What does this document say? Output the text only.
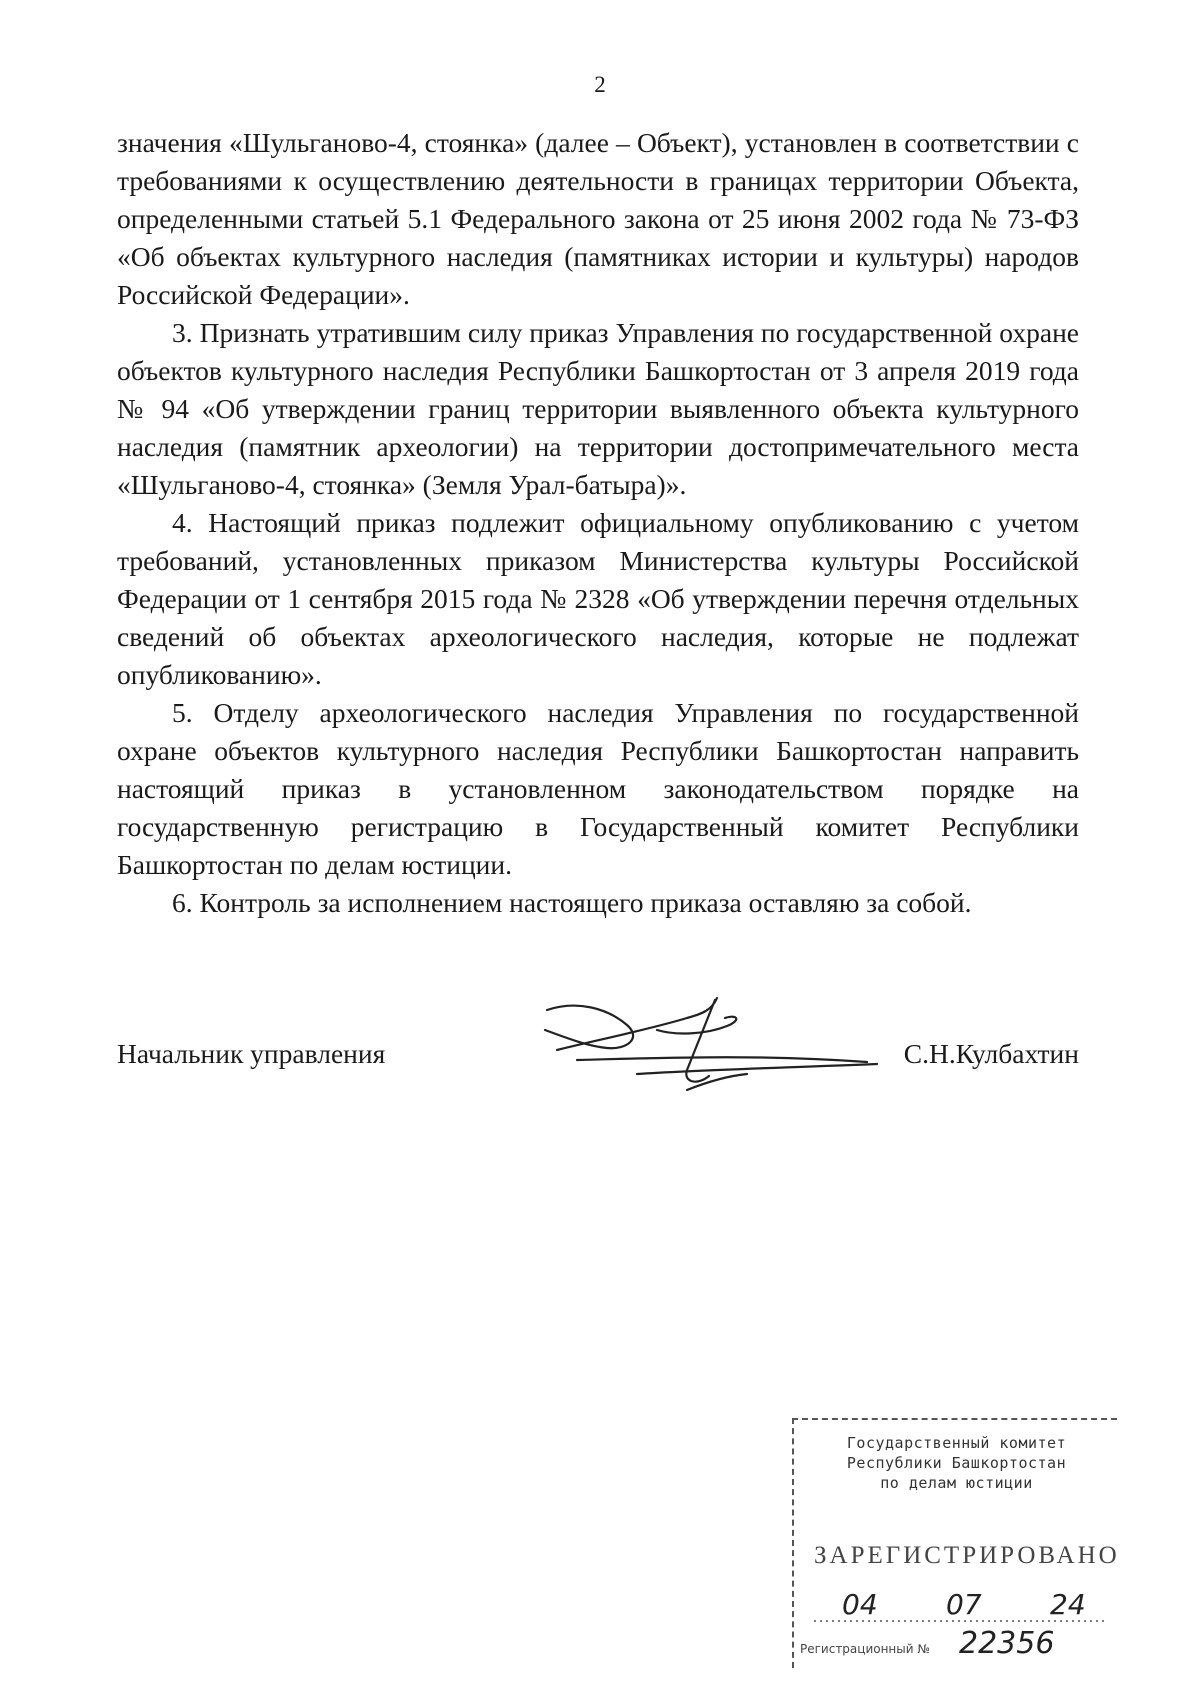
2

значения «Шульганово-4, стоянка» (далее – Объект), установлен в соответствии с требованиями к осуществлению деятельности в границах территории Объекта, определенными статьей 5.1 Федерального закона от 25 июня 2002 года № 73-ФЗ «Об объектах культурного наследия (памятниках истории и культуры) народов Российской Федерации».

3. Признать утратившим силу приказ Управления по государственной охране объектов культурного наследия Республики Башкортостан от 3 апреля 2019 года № 94 «Об утверждении границ территории выявленного объекта культурного наследия (памятник археологии) на территории достопримечательного места «Шульганово-4, стоянка» (Земля Урал-батыра)».

4. Настоящий приказ подлежит официальному опубликованию с учетом требований, установленных приказом Министерства культуры Российской Федерации от 1 сентября 2015 года № 2328 «Об утверждении перечня отдельных сведений об объектах археологического наследия, которые не подлежат опубликованию».

5. Отделу археологического наследия Управления по государственной охране объектов культурного наследия Республики Башкортостан направить настоящий приказ в установленном законодательством порядке на государственную регистрацию в Государственный комитет Республики Башкортостан по делам юстиции.

6. Контроль за исполнением настоящего приказа оставляю за собой.

Начальник управления	С.Н.Кулбахтин
Государственный комитет
Республики Башкортостан
по делам юстиции
ЗАРЕГИСТРИРОВАНО
04 07 24
Регистрационный № 22356
